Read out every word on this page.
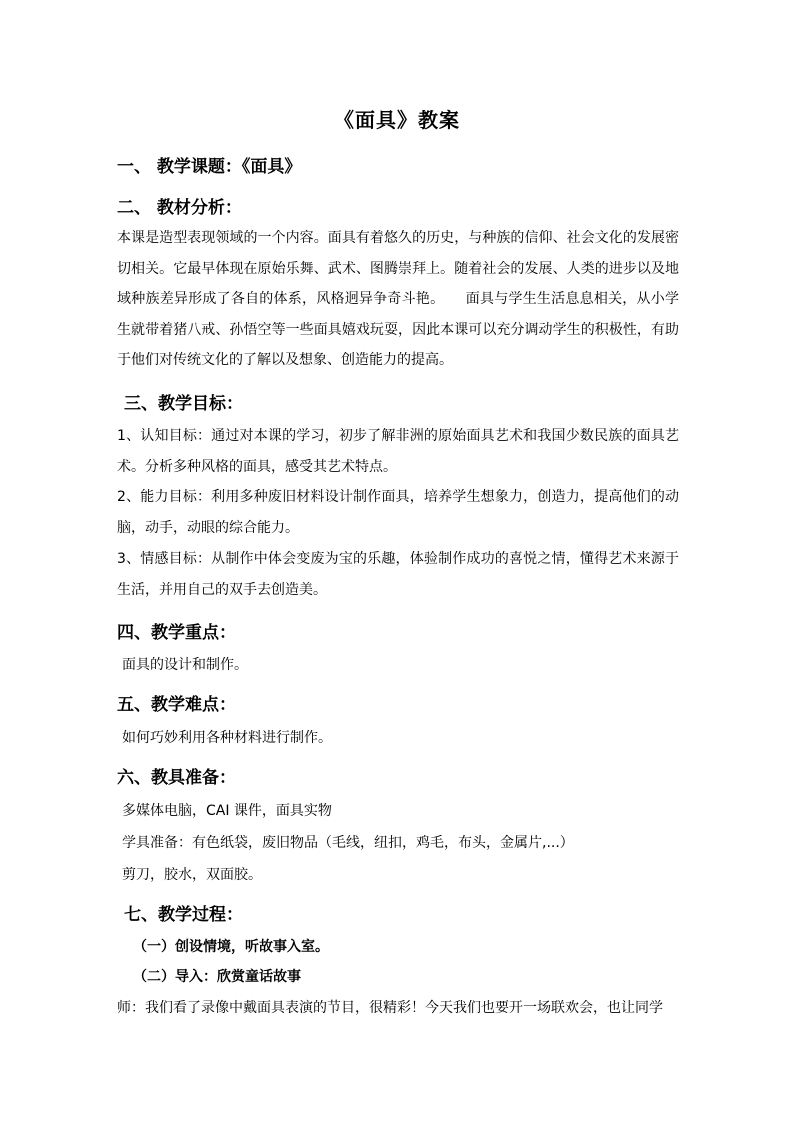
《面具》教案
一、 教学课题：《面具》
二、 教材分析：
本课是造型表现领域的一个内容。面具有着悠久的历史，与种族的信仰、社会文化的发展密切相关。它最早体现在原始乐舞、武术、图腾崇拜上。随着社会的发展、人类的进步以及地域种族差异形成了各自的体系，风格迥异争奇斗艳。　　面具与学生生活息息相关，从小学生就带着猪八戒、孙悟空等一些面具嬉戏玩耍，因此本课可以充分调动学生的积极性，有助于他们对传统文化的了解以及想象、创造能力的提高。
三、教学目标：
1、认知目标：通过对本课的学习，初步了解非洲的原始面具艺术和我国少数民族的面具艺术。分析多种风格的面具，感受其艺术特点。
2、能力目标：利用多种废旧材料设计制作面具，培养学生想象力，创造力，提高他们的动脑，动手，动眼的综合能力。
3、情感目标：从制作中体会变废为宝的乐趣，体验制作成功的喜悦之情，懂得艺术来源于生活，并用自己的双手去创造美。
四、教学重点：
面具的设计和制作。
五、教学难点：
如何巧妙利用各种材料进行制作。
六、教具准备：
多媒体电脑，CAI 课件，面具实物
学具准备：有色纸袋，废旧物品（毛线，纽扣，鸡毛，布头，金属片,...）
剪刀，胶水，双面胶。
七、教学过程：
（一）创设情境，听故事入室。
（二）导入：欣赏童话故事
师：我们看了录像中戴面具表演的节目，很精彩！今天我们也要开一场联欢会，也让同学
